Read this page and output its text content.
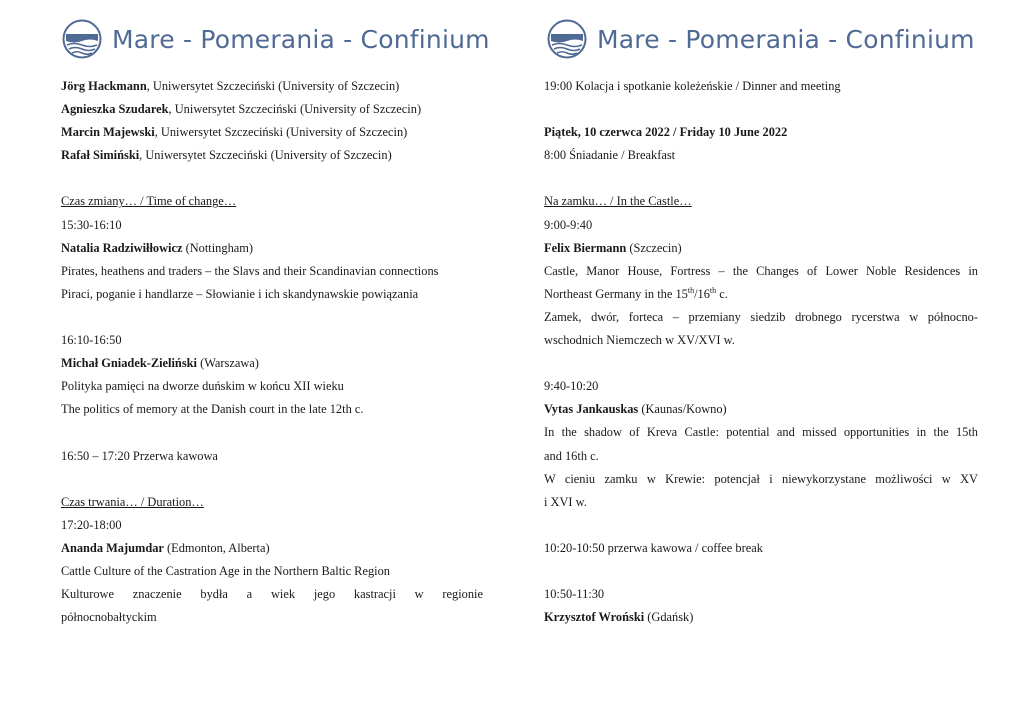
Mare - Pomerania - Confinium
Jörg Hackmann, Uniwersytet Szczeciński (University of Szczecin)
Agnieszka Szudarek, Uniwersytet Szczeciński (University of Szczecin)
Marcin Majewski, Uniwersytet Szczeciński (University of Szczecin)
Rafał Simiński, Uniwersytet Szczeciński (University of Szczecin)
Czas zmiany… / Time of change…
15:30-16:10
Natalia Radziwiłłowicz (Nottingham)
Pirates, heathens and traders – the Slavs and their Scandinavian connections
Piraci, poganie i handlarze – Słowianie i ich skandynawskie powiązania
16:10-16:50
Michał Gniadek-Zieliński (Warszawa)
Polityka pamięci na dworze duńskim w końcu XII wieku
The politics of memory at the Danish court in the late 12th c.
16:50 – 17:20 Przerwa kawowa
Czas trwania… / Duration…
17:20-18:00
Ananda Majumdar (Edmonton, Alberta)
Cattle Culture of the Castration Age in the Northern Baltic Region
Kulturowe znaczenie bydła a wiek jego kastracji w regionie
północnobałtyckim
Mare - Pomerania - Confinium
19:00 Kolacja i spotkanie koleżeńskie / Dinner and meeting
Piątek, 10 czerwca 2022 / Friday 10 June 2022
8:00 Śniadanie / Breakfast
Na zamku… / In the Castle…
9:00-9:40
Felix Biermann (Szczecin)
Castle, Manor House, Fortress – the Changes of Lower Noble Residences in
Northeast Germany in the 15th/16th c.
Zamek, dwór, forteca – przemiany siedzib drobnego rycerstwa w północno-
wschodnich Niemczech w XV/XVI w.
9:40-10:20
Vytas Jankauskas (Kaunas/Kowno)
In the shadow of Kreva Castle: potential and missed opportunities in the 15th
and 16th c.
W cieniu zamku w Krewie: potencjał i niewykorzystane możliwości w XV
i XVI w.
10:20-10:50 przerwa kawowa / coffee break
10:50-11:30
Krzysztof Wroński (Gdańsk)
